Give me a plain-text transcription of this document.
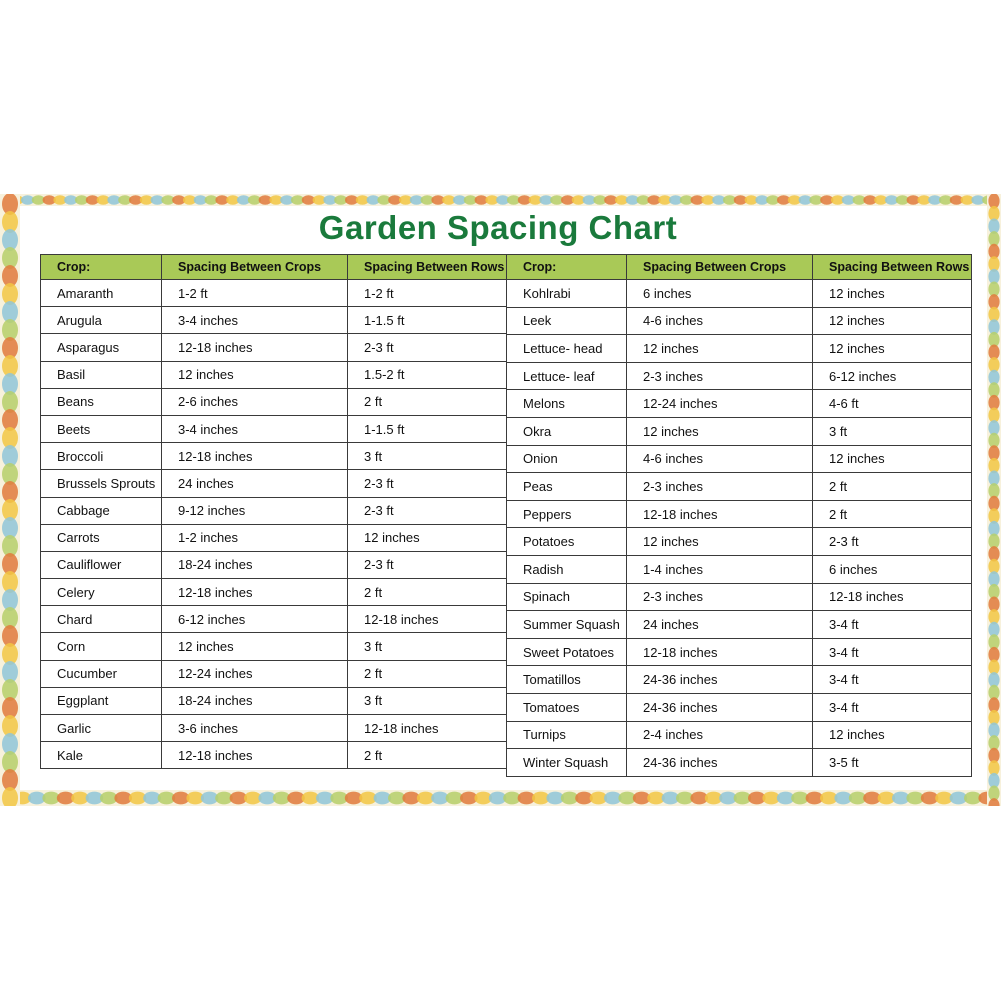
Garden Spacing Chart
Crop:	Spacing Between Crops	Spacing Between Rows
Amaranth	1-2 ft	1-2 ft
Arugula	3-4 inches	1-1.5 ft
Asparagus	12-18 inches	2-3 ft
Basil	12 inches	1.5-2 ft
Beans	2-6 inches	2 ft
Beets	3-4 inches	1-1.5 ft
Broccoli	12-18 inches	3 ft
Brussels Sprouts	24 inches	2-3 ft
Cabbage	9-12 inches	2-3 ft
Carrots	1-2 inches	12 inches
Cauliflower	18-24 inches	2-3 ft
Celery	12-18 inches	2 ft
Chard	6-12 inches	12-18 inches
Corn	12 inches	3 ft
Cucumber	12-24 inches	2 ft
Eggplant	18-24 inches	3 ft
Garlic	3-6 inches	12-18 inches
Kale	12-18 inches	2 ft
Crop:	Spacing Between Crops	Spacing Between Rows
Kohlrabi	6 inches	12 inches
Leek	4-6 inches	12 inches
Lettuce- head	12 inches	12 inches
Lettuce- leaf	2-3 inches	6-12 inches
Melons	12-24 inches	4-6 ft
Okra	12 inches	3 ft
Onion	4-6 inches	12 inches
Peas	2-3 inches	2 ft
Peppers	12-18 inches	2 ft
Potatoes	12 inches	2-3 ft
Radish	1-4 inches	6 inches
Spinach	2-3 inches	12-18 inches
Summer Squash	24 inches	3-4 ft
Sweet Potatoes	12-18 inches	3-4 ft
Tomatillos	24-36 inches	3-4 ft
Tomatoes	24-36 inches	3-4 ft
Turnips	2-4 inches	12 inches
Winter Squash	24-36 inches	3-5 ft
